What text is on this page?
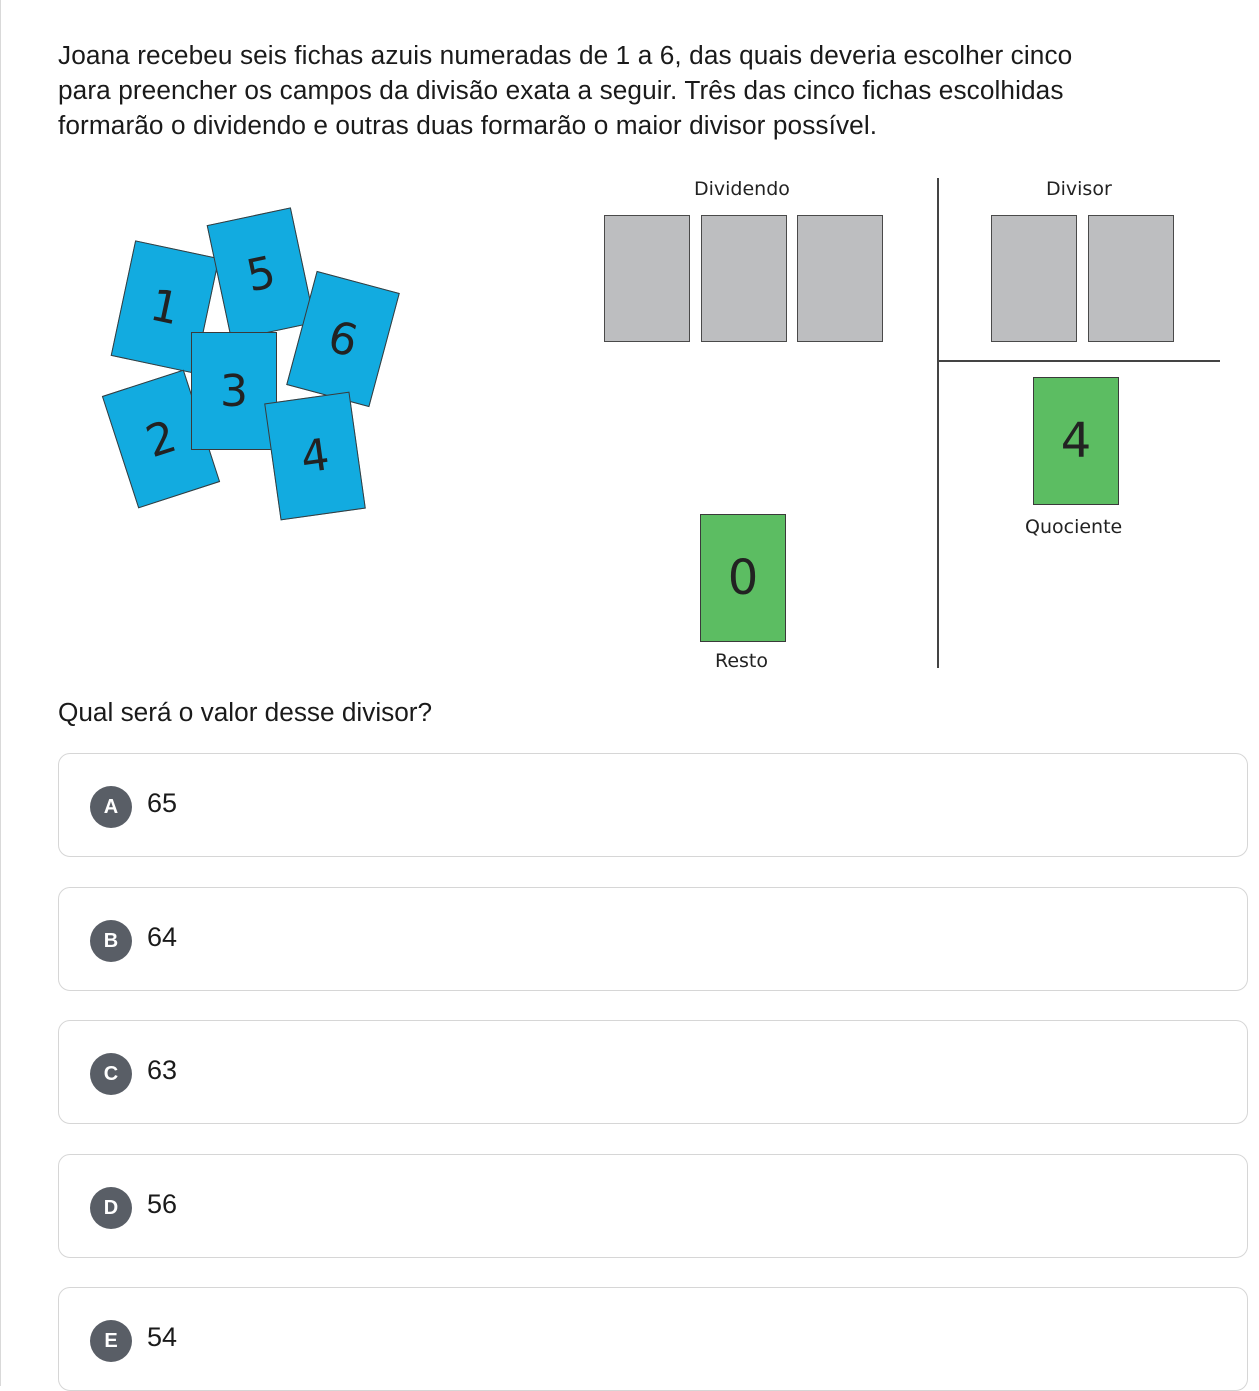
Joana recebeu seis fichas azuis numeradas de 1 a 6, das quais deveria escolher cinco

para preencher os campos da divisão exata a seguir. Três das cinco fichas escolhidas

formarão o dividendo e outras duas formarão o maior divisor possível.

1
2
5
6
3
4
Dividendo	Divisor
4
Quociente
0
Resto
Qual será o valor desse divisor?
A	65
B	64
C	63
D	56
E	54
